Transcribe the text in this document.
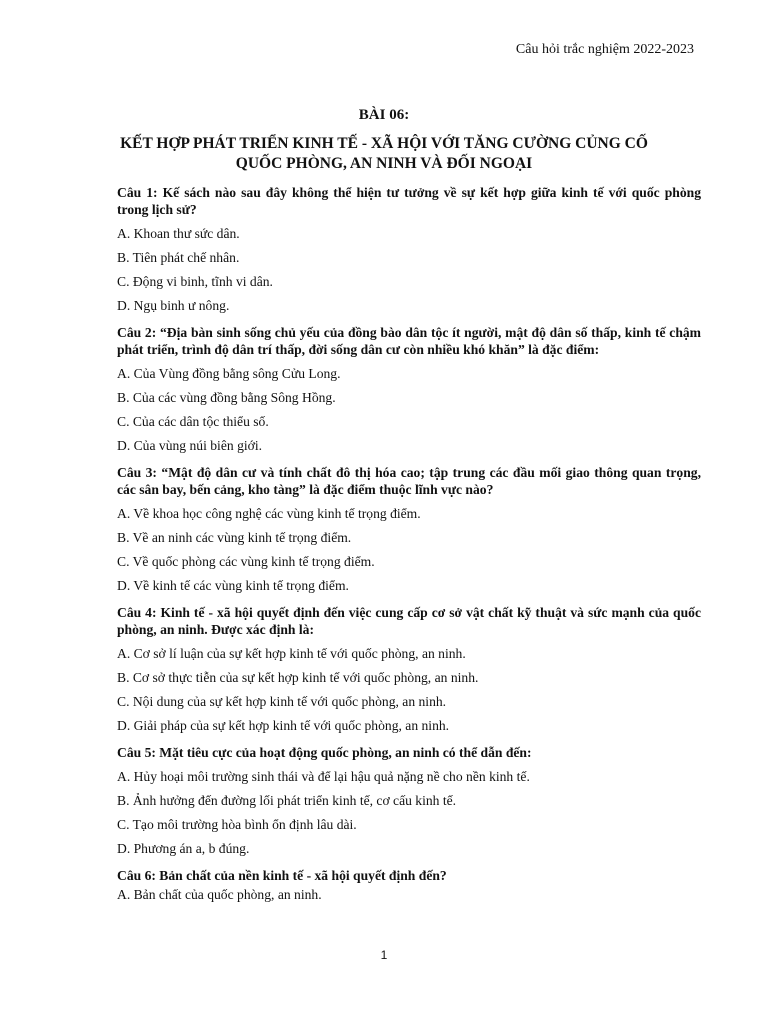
Câu hỏi trắc nghiệm 2022-2023
BÀI 06:
KẾT HỢP PHÁT TRIỂN KINH TẾ - XÃ HỘI VỚI TĂNG CƯỜNG CỦNG CỐ QUỐC PHÒNG, AN NINH VÀ ĐỐI NGOẠI
Câu 1: Kế sách nào sau đây không thể hiện tư tưởng về sự kết hợp giữa kinh tế với quốc phòng trong lịch sử?
A. Khoan thư sức dân.
B. Tiên phát chế nhân.
C. Động vi binh, tĩnh vi dân.
D. Ngụ binh ư nông.
Câu 2: “Địa bàn sinh sống chủ yếu của đồng bào dân tộc ít người, mật độ dân số thấp, kinh tế chậm phát triển, trình độ dân trí thấp, đời sống dân cư còn nhiều khó khăn” là đặc điểm:
A. Của Vùng đồng bằng sông Cửu Long.
B. Của các vùng đồng bằng Sông Hồng.
C. Của các dân tộc thiểu số.
D. Của vùng núi biên giới.
Câu 3: “Mật độ dân cư và tính chất đô thị hóa cao; tập trung các đầu mối giao thông quan trọng, các sân bay, bến cảng, kho tàng” là đặc điểm thuộc lĩnh vực nào?
A. Về khoa học công nghệ các vùng kinh tế trọng điểm.
B. Về an ninh các vùng kinh tế trọng điểm.
C. Về quốc phòng các vùng kinh tế trọng điểm.
D. Về kinh tế các vùng kinh tế trọng điểm.
Câu 4: Kinh tế - xã hội quyết định đến việc cung cấp cơ sở vật chất kỹ thuật và sức mạnh của quốc phòng, an ninh. Được xác định là:
A. Cơ sở lí luận của sự kết hợp kinh tế với quốc phòng, an ninh.
B. Cơ sở thực tiễn của sự kết hợp kinh tế với quốc phòng, an ninh.
C. Nội dung của sự kết hợp kinh tế với quốc phòng, an ninh.
D. Giải pháp của sự kết hợp kinh tế với quốc phòng, an ninh.
Câu 5: Mặt tiêu cực của hoạt động quốc phòng, an ninh có thể dẫn đến:
A. Hủy hoại môi trường sinh thái và để lại hậu quả nặng nề cho nền kinh tế.
B. Ảnh hưởng đến đường lối phát triển kinh tế, cơ cấu kinh tế.
C. Tạo môi trường hòa bình ổn định lâu dài.
D. Phương án a, b đúng.
Câu 6: Bản chất của nền kinh tế - xã hội quyết định đến?
A. Bản chất của quốc phòng, an ninh.
1
